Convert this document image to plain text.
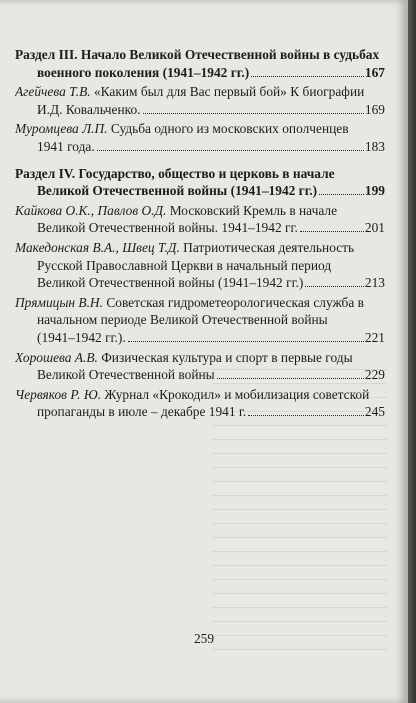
Раздел III. Начало Великой Отечественной войны в судьбах
военного поколения (1941–1942 гг.)	167
Агейчева Т.В. «Каким был для Вас первый бой» К биографии
И.Д. Ковальченко.	169
Муромцева Л.П. Судьба одного из московских ополченцев
1941 года.	183
Раздел IV. Государство, общество и церковь в начале
Великой Отечественной войны (1941–1942 гг.)	199
Кайкова О.К., Павлов О.Д. Московский Кремль в начале
Великой Отечественной войны. 1941–1942 гг.	201
Македонская В.А., Швец Т.Д. Патриотическая деятельность
Русской Православной Церкви в начальный период
Великой Отечественной войны (1941–1942 гг.)	213
Прямицын В.Н. Советская гидрометеорологическая служба в
начальном периоде Великой Отечественной войны
(1941–1942 гг.).	221
Хорошева А.В. Физическая культура и спорт в первые годы
Великой Отечественной войны	229
Червяков Р. Ю. Журнал «Крокодил» и мобилизация советской
пропаганды в июле – декабре 1941 г.	245
259
